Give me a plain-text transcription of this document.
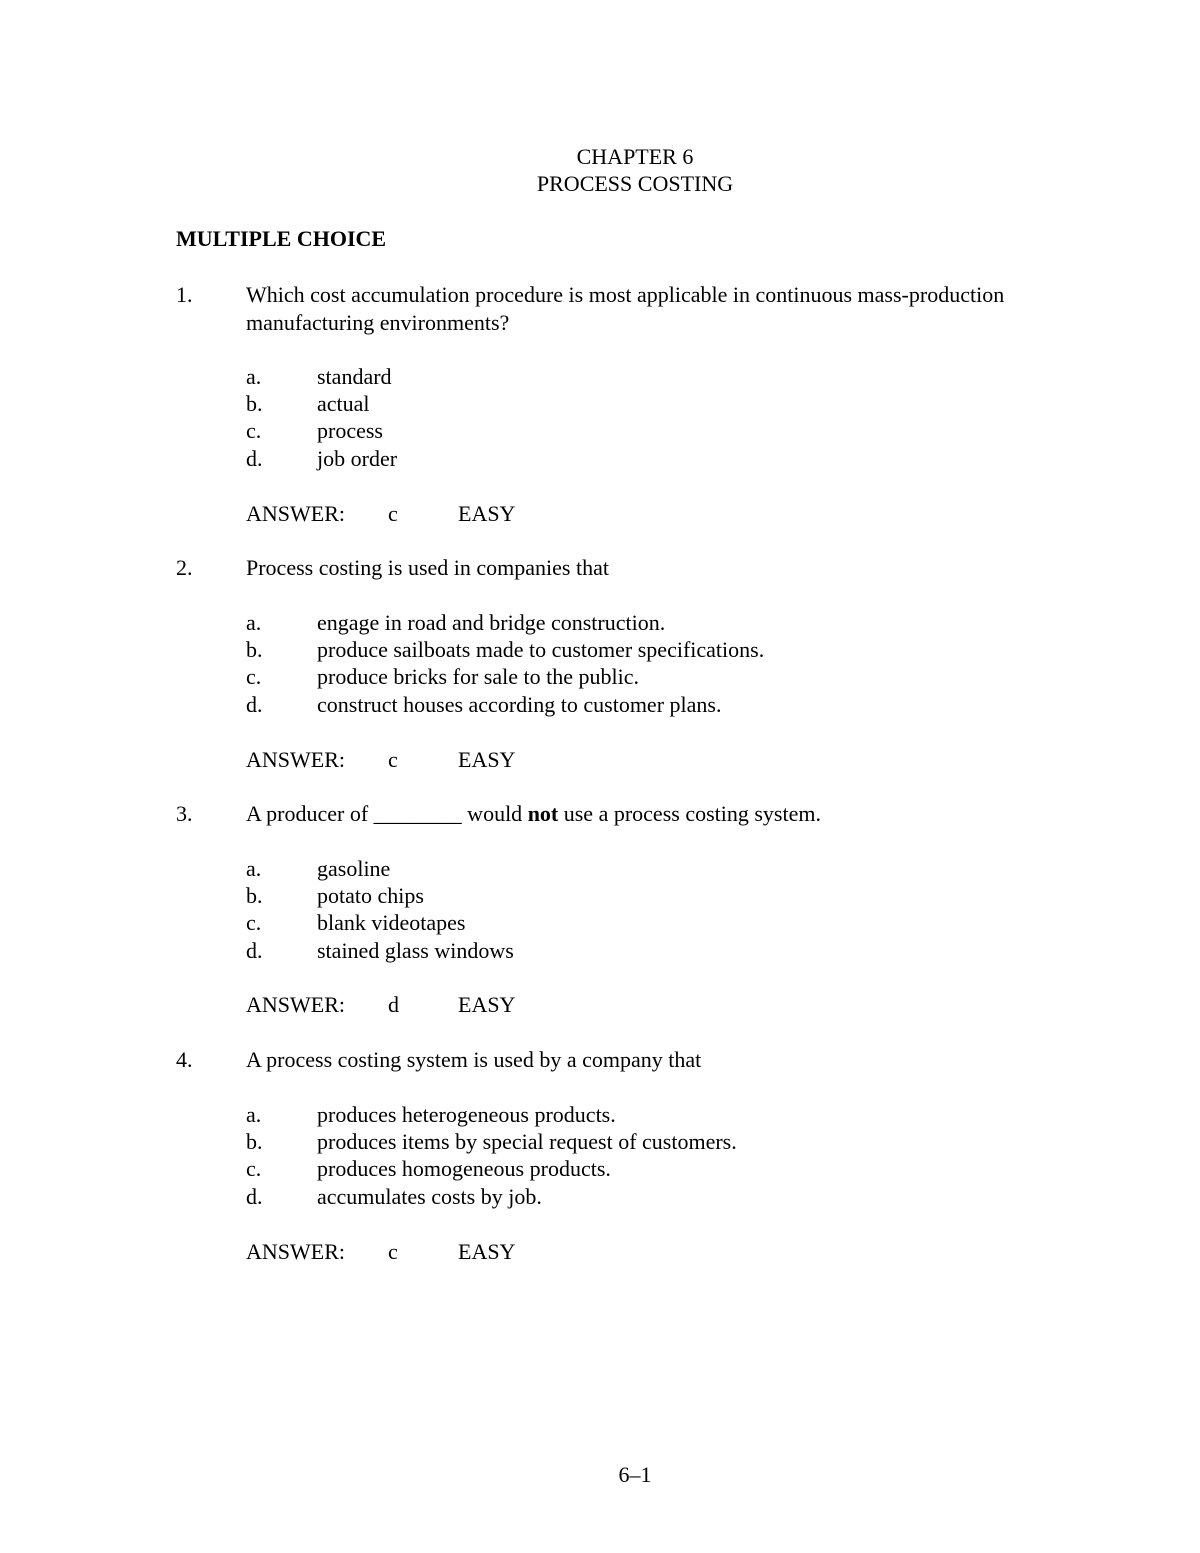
CHAPTER 6
PROCESS COSTING
MULTIPLE CHOICE
1. Which cost accumulation procedure is most applicable in continuous mass-production manufacturing environments?
a.	standard
b. actual
c.	process
d. job order
ANSWER: c	EASY
2. Process costing is used in companies that
a.	engage in road and bridge construction.
b. produce sailboats made to customer specifications.
c.	produce bricks for sale to the public.
d. construct houses according to customer plans.
ANSWER: c	EASY
3. A producer of ________ would not use a process costing system.
a.	gasoline
b. potato chips
c.	blank videotapes
d. stained glass windows
ANSWER: d	EASY
4. A process costing system is used by a company that
a.	produces heterogeneous products.
b. produces items by special request of customers.
c.	produces homogeneous products.
d. accumulates costs by job.
ANSWER: c	EASY
6–1
